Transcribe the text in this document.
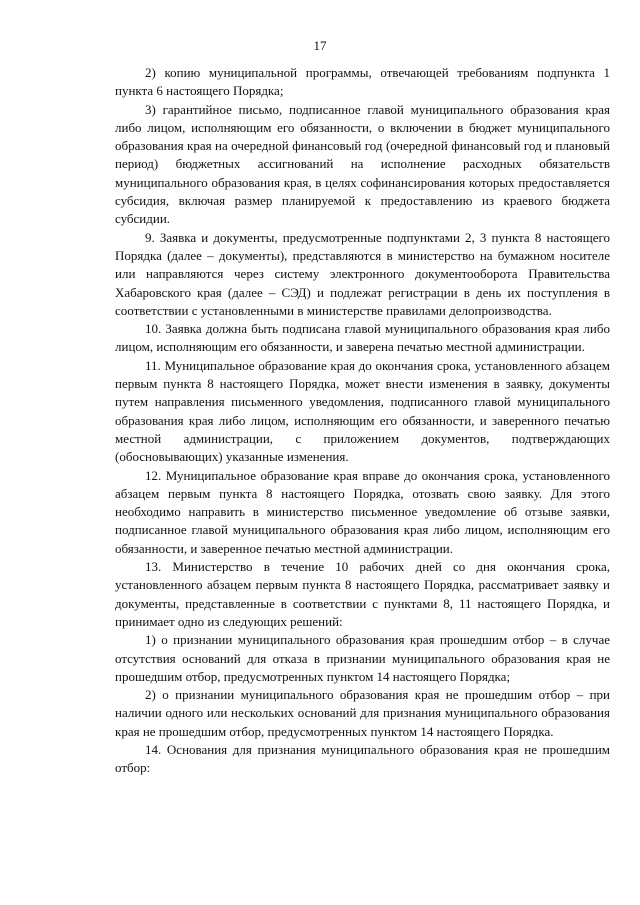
17

2) копию муниципальной программы, отвечающей требованиям подпункта 1 пункта 6 настоящего Порядка;

3) гарантийное письмо, подписанное главой муниципального образования края либо лицом, исполняющим его обязанности, о включении в бюджет муниципального образования края на очередной финансовый год (очередной финансовый год и плановый период) бюджетных ассигнований на исполнение расходных обязательств муниципального образования края, в целях софинансирования которых предоставляется субсидия, включая размер планируемой к предоставлению из краевого бюджета субсидии.

9. Заявка и документы, предусмотренные подпунктами 2, 3 пункта 8 настоящего Порядка (далее – документы), представляются в министерство на бумажном носителе или направляются через систему электронного документооборота Правительства Хабаровского края (далее – СЭД) и подлежат регистрации в день их поступления в соответствии с установленными в министерстве правилами делопроизводства.

10. Заявка должна быть подписана главой муниципального образования края либо лицом, исполняющим его обязанности, и заверена печатью местной администрации.

11. Муниципальное образование края до окончания срока, установленного абзацем первым пункта 8 настоящего Порядка, может внести изменения в заявку, документы путем направления письменного уведомления, подписанного главой муниципального образования края либо лицом, исполняющим его обязанности, и заверенного печатью местной администрации, с приложением документов, подтверждающих (обосновывающих) указанные изменения.

12. Муниципальное образование края вправе до окончания срока, установленного абзацем первым пункта 8 настоящего Порядка, отозвать свою заявку. Для этого необходимо направить в министерство письменное уведомление об отзыве заявки, подписанное главой муниципального образования края либо лицом, исполняющим его обязанности, и заверенное печатью местной администрации.

13. Министерство в течение 10 рабочих дней со дня окончания срока, установленного абзацем первым пункта 8 настоящего Порядка, рассматривает заявку и документы, представленные в соответствии с пунктами 8, 11 настоящего Порядка, и принимает одно из следующих решений:

1) о признании муниципального образования края прошедшим отбор – в случае отсутствия оснований для отказа в признании муниципального образования края не прошедшим отбор, предусмотренных пунктом 14 настоящего Порядка;

2) о признании муниципального образования края не прошедшим отбор – при наличии одного или нескольких оснований для признания муниципального образования края не прошедшим отбор, предусмотренных пунктом 14 настоящего Порядка.

14. Основания для признания муниципального образования края не прошедшим отбор:
